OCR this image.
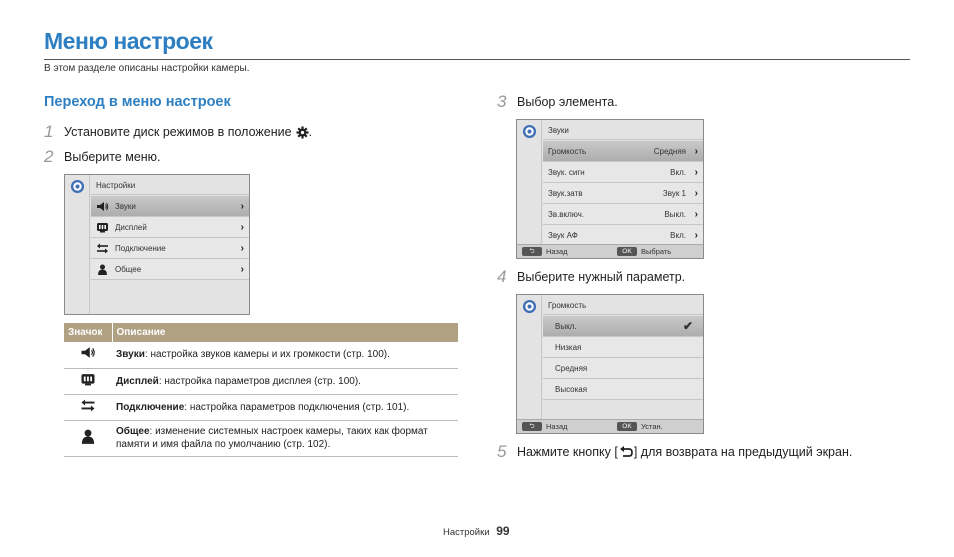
Меню настроек
В этом разделе описаны настройки камеры.
Переход в меню настроек
1 Установите диск режимов в положение .
2 Выберите меню.
Настройки
Звуки	›
Дисплей	›
Подключение	›
Общее	›
Значок	Описание
	Звуки: настройка звуков камеры и их громкости (стр. 100).
	Дисплей: настройка параметров дисплея (стр. 100).
	Подключение: настройка параметров подключения (стр. 101).
	Общее: изменение системных настроек камеры, таких как формат памяти и имя файла по умолчанию (стр. 102).
3 Выбор элемента.
Звуки
Громкость	Средняя ›
Звук. сигн	Вкл. ›
Звук.затв	Звук 1 ›
Зв.включ.	Выкл. ›
Звук АФ	Вкл. ›
⮌	Назад	OK	Выбрать
4 Выберите нужный параметр.
Громкость
Выкл.	✔
Низкая
Средняя
Высокая
⮌	Назад	OK	Устан.
5 Нажмите кнопку [ ] для возврата на предыдущий экран.
Настройки 99
